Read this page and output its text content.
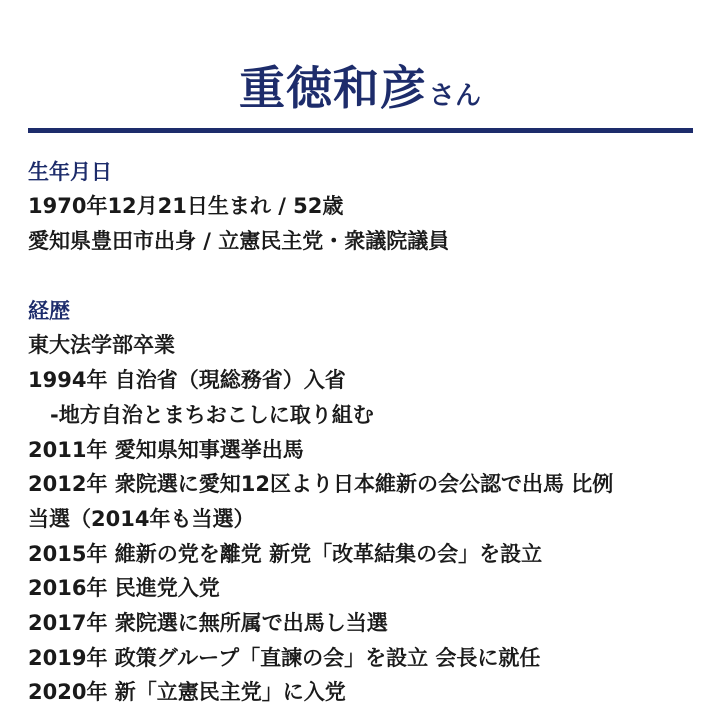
重徳和彦さん
生年月日
1970年12月21日生まれ / 52歳
愛知県豊田市出身 / 立憲民主党・衆議院議員
経歴
東大法学部卒業
1994年 自治省（現総務省）入省
-地方自治とまちおこしに取り組む
2011年 愛知県知事選挙出馬
2012年 衆院選に愛知12区より日本維新の会公認で出馬 比例
当選（2014年も当選）
2015年 維新の党を離党 新党「改革結集の会」を設立
2016年 民進党入党
2017年 衆院選に無所属で出馬し当選
2019年 政策グループ「直諫の会」を設立 会長に就任
2020年 新「立憲民主党」に入党
